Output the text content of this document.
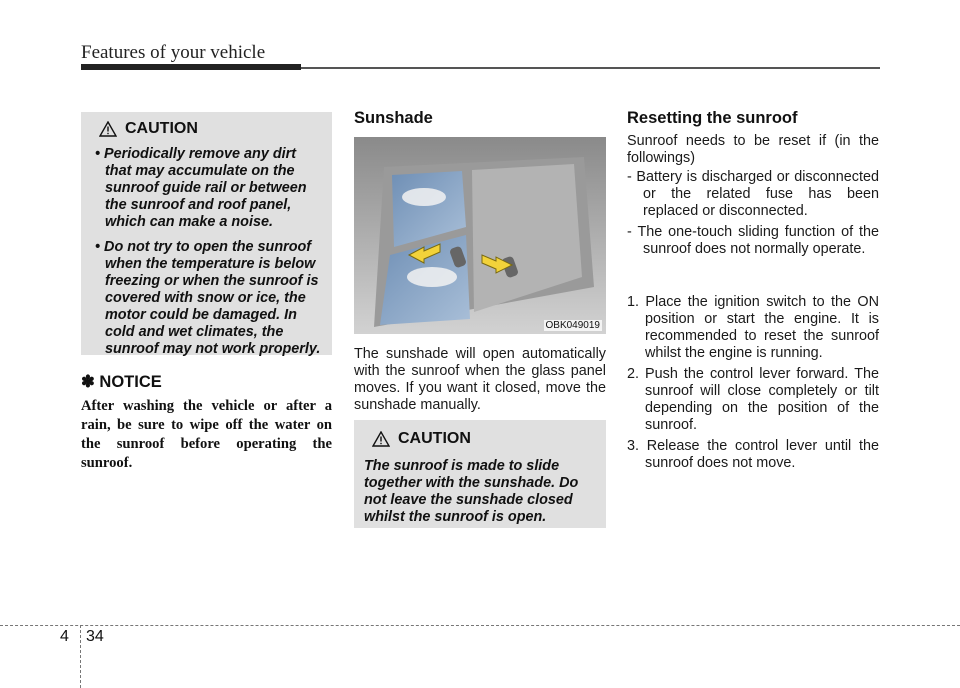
Features of your vehicle
CAUTION
• Periodically remove any dirt that may accumulate on the sunroof guide rail or between the sunroof and roof panel, which can make a noise.
• Do not try to open the sunroof when the temperature is below freezing or when the sunroof is covered with snow or ice, the motor could be damaged. In cold and wet climates, the sunroof may not work properly.
✽ NOTICE
After washing the vehicle or after a rain, be sure to wipe off the water on the sunroof before operating the sunroof.
Sunshade
OBK049019
The sunshade will open automatically with the sunroof when the glass panel moves. If you want it closed, move the sunshade manually.
CAUTION

The sunroof is made to slide together with the sunshade. Do not leave the sunshade closed whilst the sunroof is open.

Resetting the sunroof
Sunroof needs to be reset if (in the followings)
- Battery is discharged or disconnected or the related fuse has been replaced or disconnected.
- The one-touch sliding function of the sunroof does not normally operate.
1. Place the ignition switch to the ON position or start the engine. It is recommended to reset the sunroof whilst the engine is running.
2. Push the control lever forward. The sunroof will close completely or tilt depending on the position of the sunroof.
3. Release the control lever until the sunroof does not move.
4 34
